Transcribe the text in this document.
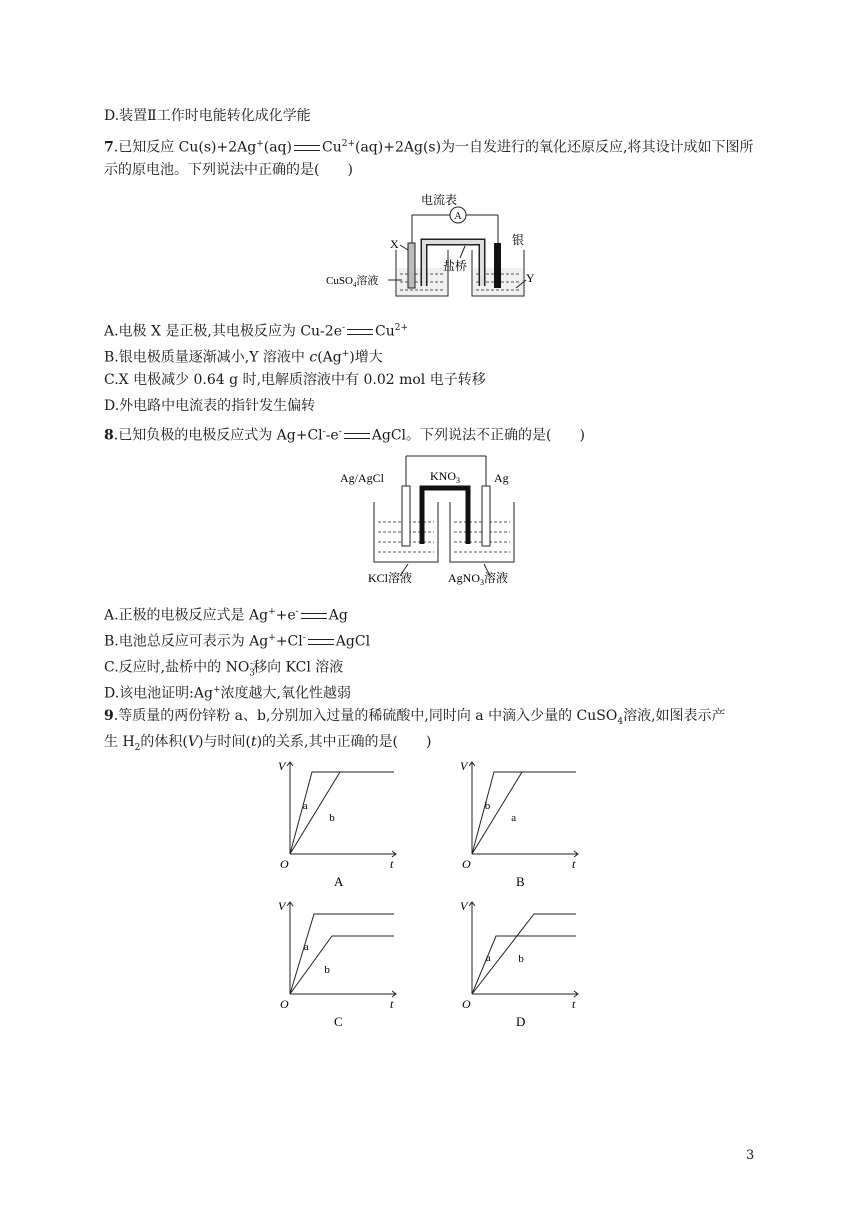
D.装置Ⅱ工作时电能转化成化学能
7.已知反应 Cu(s)+2Ag+(aq) $Cu^{2+}(aq)+2Ag(s)$为一自发进行的氧化还原反应,将其设计成如下图所
示的原电池。下列说法中正确的是(　　)
电流表
A
X	银
盐桥
CuSO$_4$溶液	Y
A.电极 X 是正极,其电极反应为 Cu-2e- $Cu^{2+}$
B.银电极质量逐渐减小,Y 溶液中 c(Ag+)增大
C.X 电极减少 0.64 g 时,电解质溶液中有 0.02 mol 电子转移
D.外电路中电流表的指针发生偏转
8.已知负极的电极反应式为 Ag+Cl--e- AgCl。下列说法不正确的是(　　)
Ag/AgCl	$KNO_3$	Ag
KCl溶液	AgNO$_3$溶液
A.正极的电极反应式是 Ag++e- Ag
B.电池总反应可表示为 Ag++Cl- AgCl
C.反应时,盐桥中的 $NO_3^-$移向 KCl 溶液
D.该电池证明:Ag+浓度越大,氧化性越弱
9.等质量的两份锌粉 a、b,分别加入过量的稀硫酸中,同时向 a 中滴入少量的 CuSO$_4$溶液,如图表示产
生 $H_2$的体积(V)与时间(t)的关系,其中正确的是(　　)
V
t
O
a
b
A
V
t
O
b
a
B
V
t
O
a
b
C
V
t
O
a	b
D
3
